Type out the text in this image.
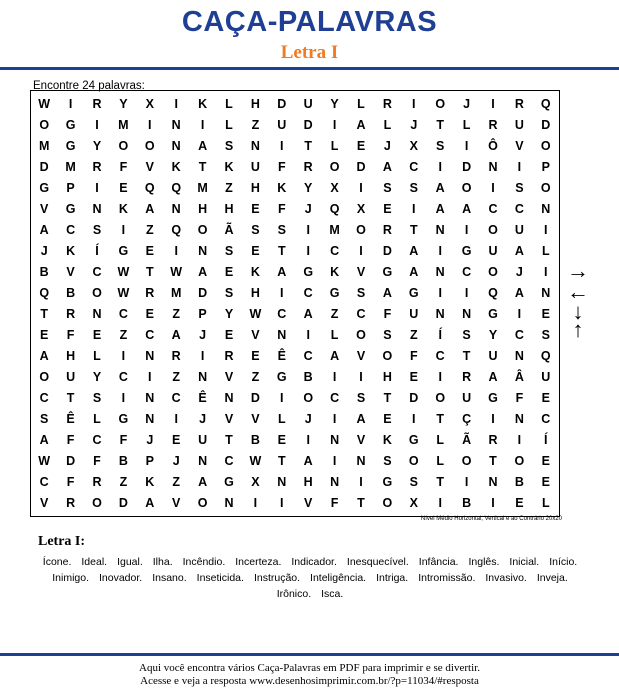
CAÇA-PALAVRAS
Letra I
Encontre 24 palavras:
W	I	R	Y	X	I	K	L	H	D	U	Y	L	R	I	O	J	I	R	Q
O	G	I	M	I	N	I	L	Z	U	D	I	A	L	J	T	L	R	U	D
M	G	Y	O	O	N	A	S	N	I	T	L	E	J	X	S	I	Ô	V	O
D	M	R	F	V	K	T	K	U	F	R	O	D	A	C	I	D	N	I	P
G	P	I	E	Q	Q	M	Z	H	K	Y	X	I	S	S	A	O	I	S	O
V	G	N	K	A	N	H	H	E	F	J	Q	X	E	I	A	A	C	C	N
A	C	S	I	Z	Q	O	Ã	S	S	I	M	O	R	T	N	I	O	U	I
J	K	Í	G	E	I	N	S	E	T	I	C	I	D	A	I	G	U	A	L
B	V	C	W	T	W	A	E	K	A	G	K	V	G	A	N	C	O	J	I
Q	B	O	W	R	M	D	S	H	I	C	G	S	A	G	I	I	Q	A	N
T	R	N	C	E	Z	P	Y	W	C	A	Z	C	F	U	N	N	G	I	E
E	F	E	Z	C	A	J	E	V	N	I	L	O	S	Z	Í	S	Y	C	S
A	H	L	I	N	R	I	R	E	Ê	C	A	V	O	F	C	T	U	N	Q
O	U	Y	C	I	Z	N	V	Z	G	B	I	I	H	E	I	R	A	Â	U
C	T	S	I	N	C	Ê	N	D	I	O	C	S	T	D	O	U	G	F	E
S	Ê	L	G	N	I	J	V	V	L	J	I	A	E	I	T	Ç	I	N	C
A	F	C	F	J	E	U	T	B	E	I	N	V	K	G	L	Ã	R	I	Í
W	D	F	B	P	J	N	C	W	T	A	I	N	S	O	L	O	T	O	E
C	F	R	Z	K	Z	A	G	X	N	H	N	I	G	S	T	I	N	B	E
V	R	O	D	A	V	O	N	I	I	V	F	T	O	X	I	B	I	E	L
→
←
↓
↑
Nível Médio Horizontal, Vertical e ao Contrário 20x20
Letra I:
Ícone. Ideal. Igual. Ilha. Incêndio. Incerteza. Indicador. Inesquecível. Infância. Inglês. Inicial. Início.
Inimigo. Inovador. Insano. Inseticida. Instrução. Inteligência. Intriga. Intromissão. Invasivo. Inveja.
Irônico. Isca.
Aqui você encontra vários Caça-Palavras em PDF para imprimir e se divertir.
Acesse e veja a resposta www.desenhosimprimir.com.br/?p=11034/#resposta
